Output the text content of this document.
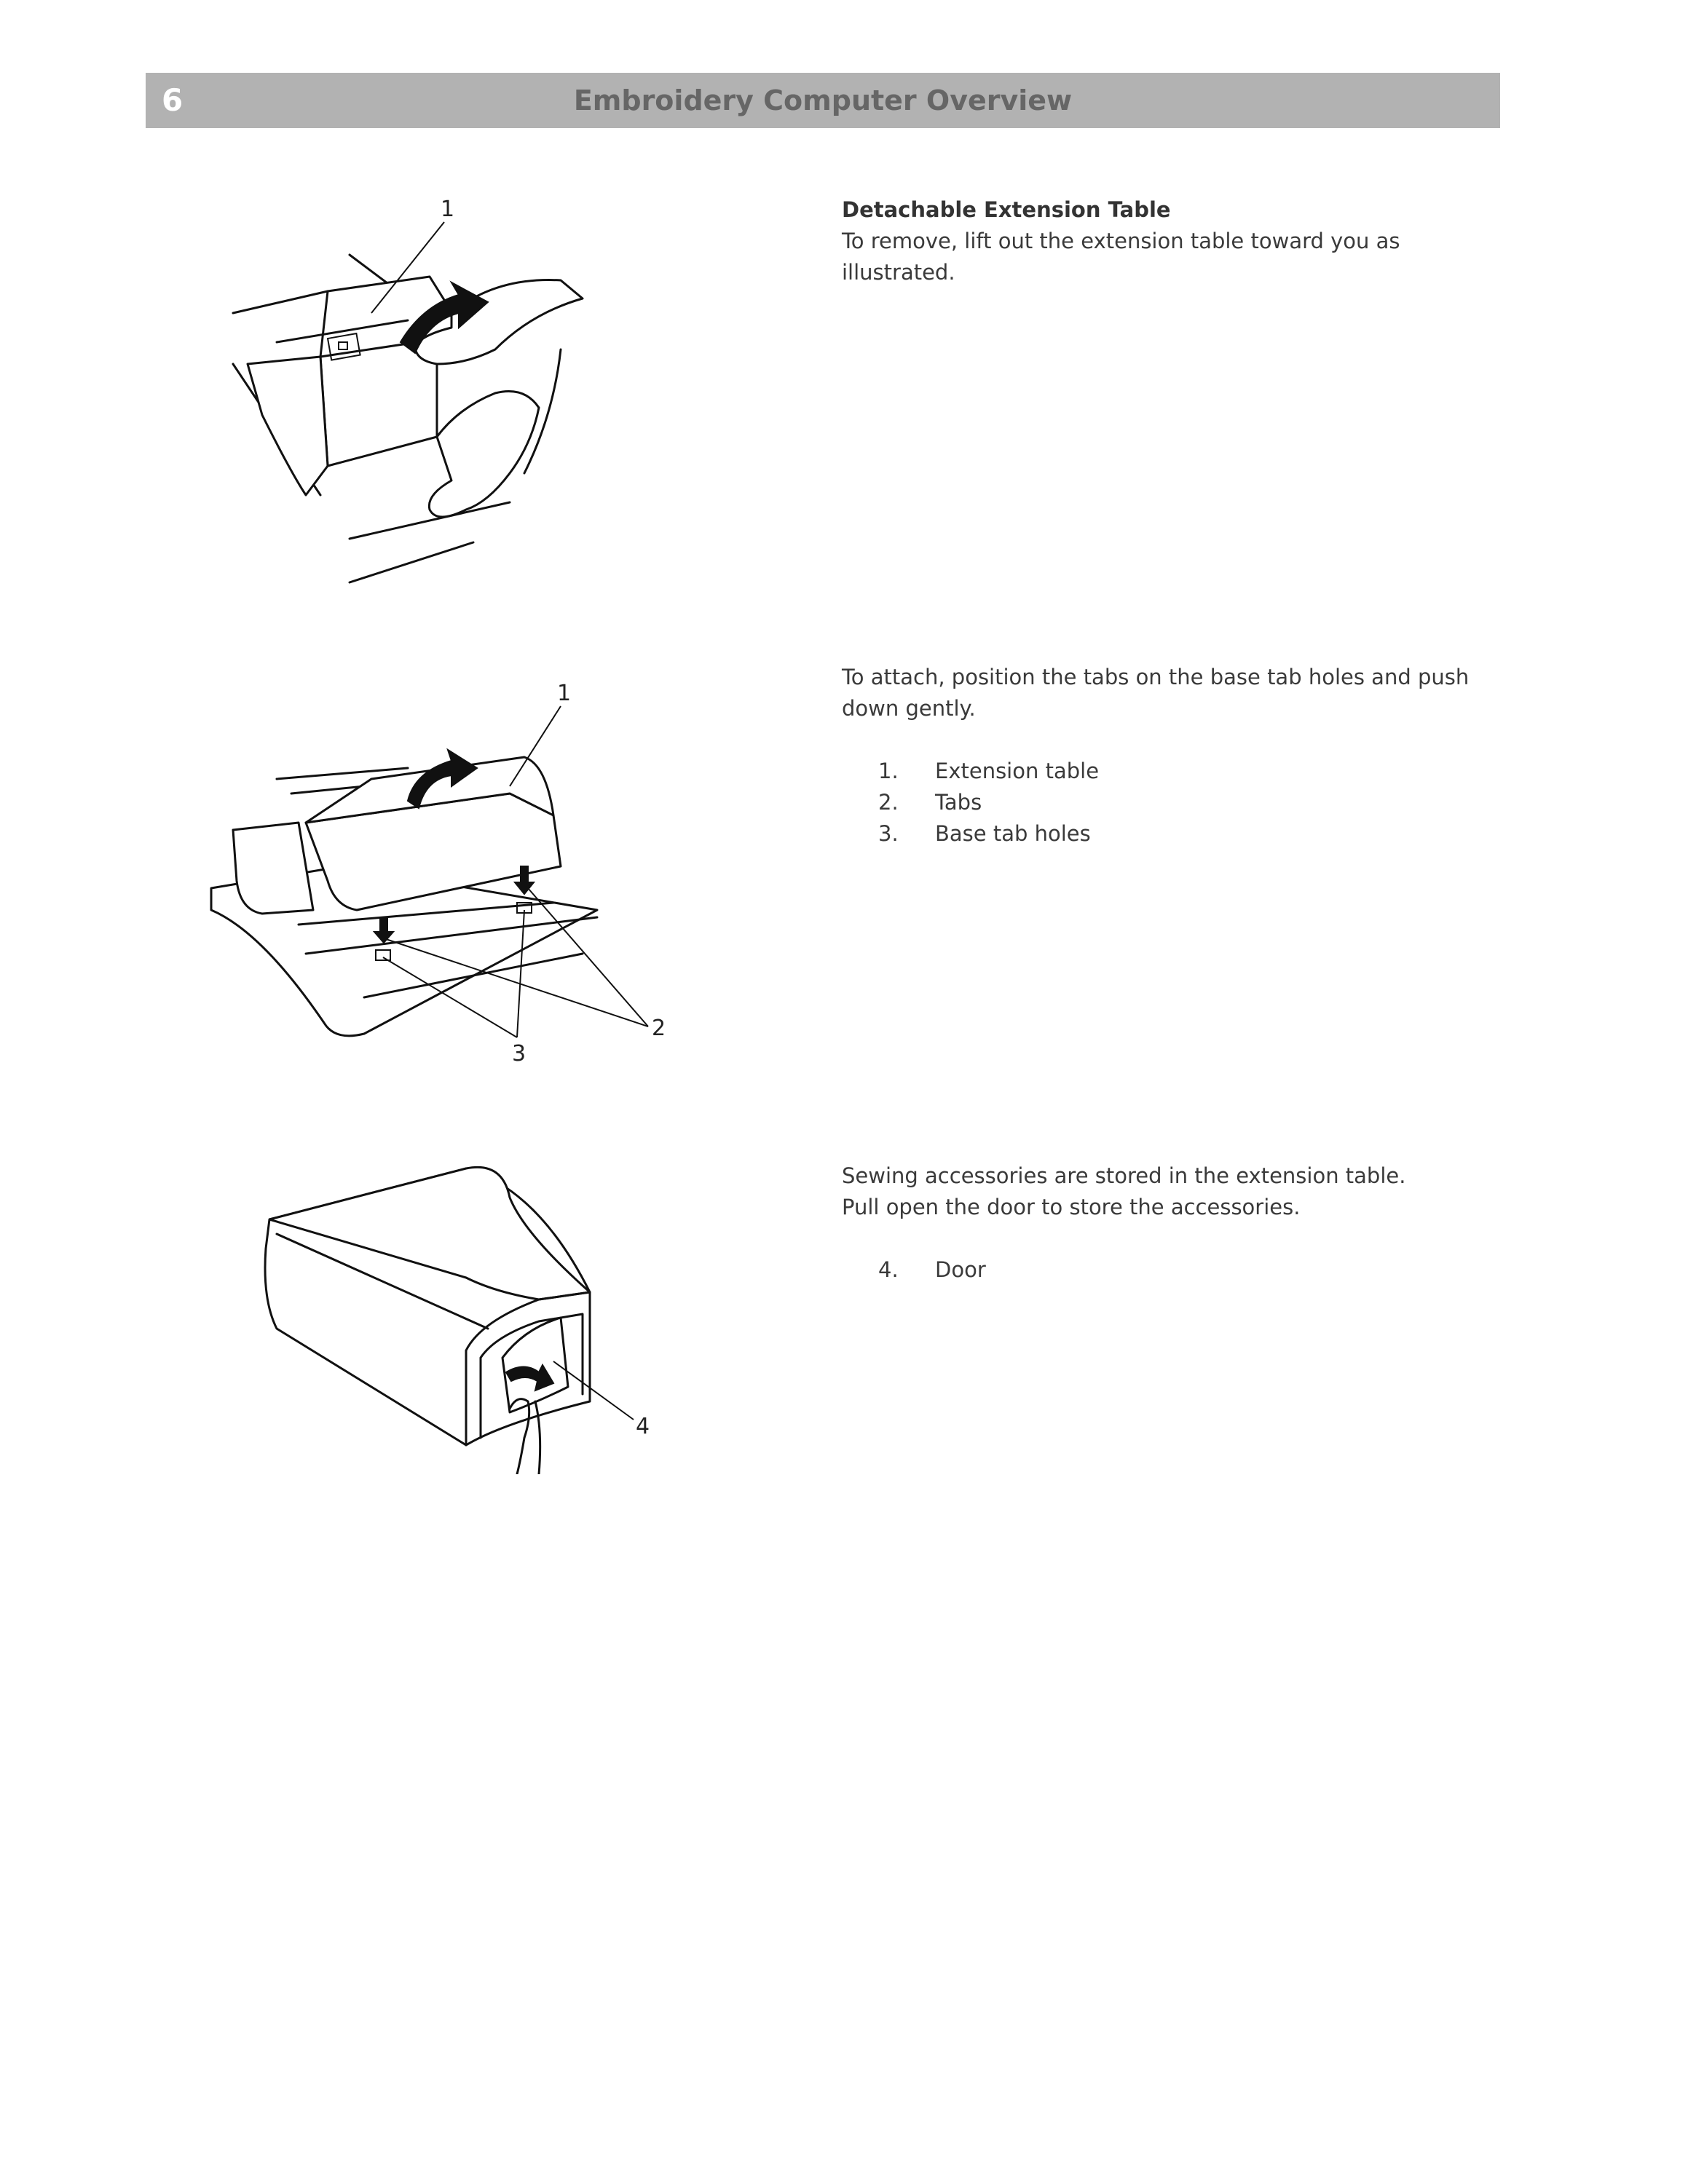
6	Embroidery Computer Overview
Detachable Extension Table
To remove, lift out the extension table toward you as illustrated.
To attach, position the tabs on the base tab holes and push down gently.
1.	Extension table
2.	Tabs
3.	Base tab holes
Sewing accessories are stored in the extension table.
Pull open the door to store the accessories.
4.	Door
1
1
2
3
4
